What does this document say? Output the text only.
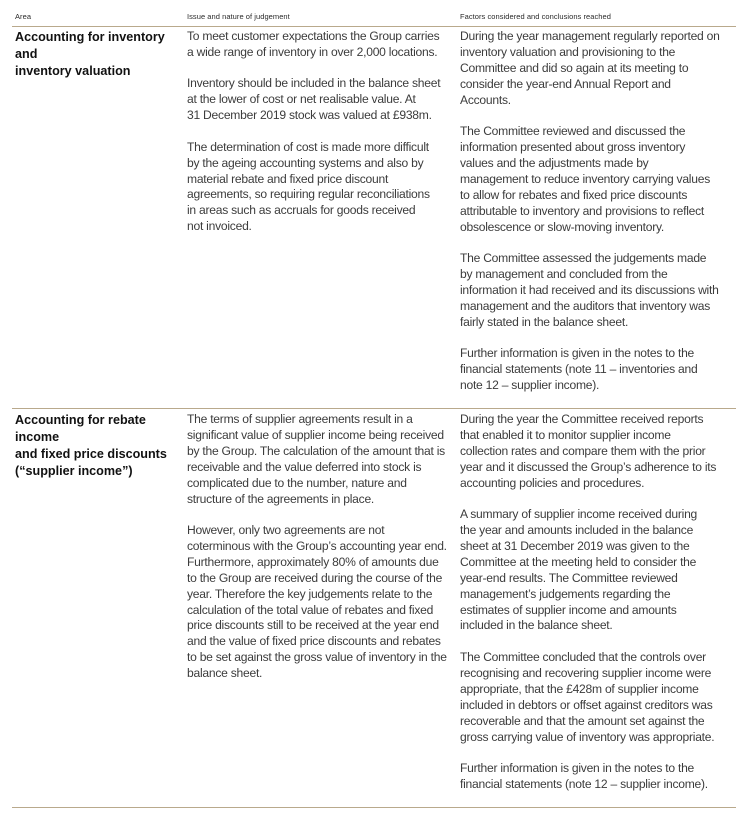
Area	Issue and nature of judgement	Factors considered and conclusions reached

Accounting for inventory and
inventory valuation

To meet customer expectations the Group carries
a wide range of inventory in over 2,000 locations.

Inventory should be included in the balance sheet
at the lower of cost or net realisable value. At
31 December 2019 stock was valued at £938m.

The determination of cost is made more difficult
by the ageing accounting systems and also by
material rebate and fixed price discount
agreements, so requiring regular reconciliations
in areas such as accruals for goods received
not invoiced.

During the year management regularly reported on
inventory valuation and provisioning to the
Committee and did so again at its meeting to
consider the year-end Annual Report and
Accounts.

The Committee reviewed and discussed the
information presented about gross inventory
values and the adjustments made by
management to reduce inventory carrying values
to allow for rebates and fixed price discounts
attributable to inventory and provisions to reflect
obsolescence or slow-moving inventory.

The Committee assessed the judgements made
by management and concluded from the
information it had received and its discussions with
management and the auditors that inventory was
fairly stated in the balance sheet.

Further information is given in the notes to the
financial statements (note 11 – inventories and
note 12 – supplier income).

Accounting for rebate income
and fixed price discounts
(“supplier income”)

The terms of supplier agreements result in a
significant value of supplier income being received
by the Group. The calculation of the amount that is
receivable and the value deferred into stock is
complicated due to the number, nature and
structure of the agreements in place.

However, only two agreements are not
coterminous with the Group’s accounting year end.
Furthermore, approximately 80% of amounts due
to the Group are received during the course of the
year. Therefore the key judgements relate to the
calculation of the total value of rebates and fixed
price discounts still to be received at the year end
and the value of fixed price discounts and rebates
to be set against the gross value of inventory in the
balance sheet.

During the year the Committee received reports
that enabled it to monitor supplier income
collection rates and compare them with the prior
year and it discussed the Group’s adherence to its
accounting policies and procedures.

A summary of supplier income received during
the year and amounts included in the balance
sheet at 31 December 2019 was given to the
Committee at the meeting held to consider the
year-end results. The Committee reviewed
management’s judgements regarding the
estimates of supplier income and amounts
included in the balance sheet.

The Committee concluded that the controls over
recognising and recovering supplier income were
appropriate, that the £428m of supplier income
included in debtors or offset against creditors was
recoverable and that the amount set against the
gross carrying value of inventory was appropriate.

Further information is given in the notes to the
financial statements (note 12 – supplier income).
